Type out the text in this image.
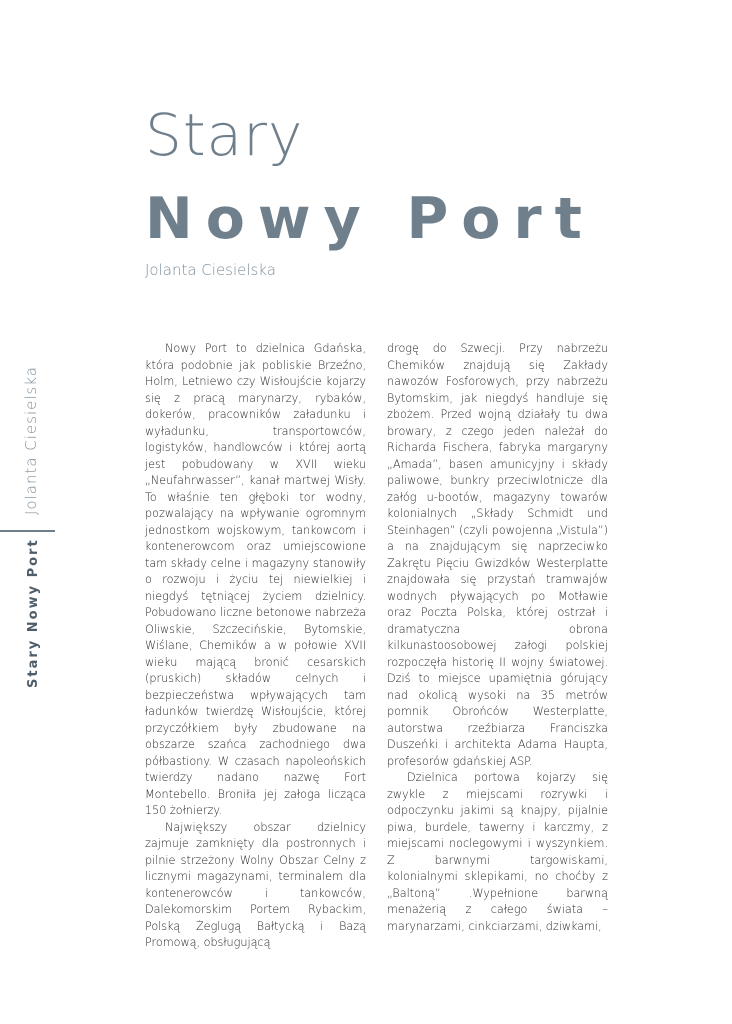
Stary
Nowy Port
Jolanta Ciesielska
Jolanta Ciesielska
Stary Nowy Port

Nowy Port to dzielnica Gdańska, która podobnie jak pobliskie Brzeźno, Holm, Letniewo czy Wisłoujście kojarzy się z pracą marynarzy, rybaków, dokerów, pracowników załadunku i wyładunku, transportowców, logistyków, handlowców i której aortą jest pobudowany w XVII wieku „Neufahrwasser”, kanał martwej Wisły. To właśnie ten głęboki tor wodny, pozwalający na wpływanie ogromnym jednostkom wojskowym, tankowcom i kontenerowcom oraz umiejscowione tam składy celne i magazyny stanowiły o rozwoju i życiu tej niewielkiej i niegdyś tętniącej życiem dzielnicy. Pobudowano liczne betonowe nabrzeża Oliwskie, Szczecińskie, Bytomskie, Wiślane, Chemików a w połowie XVII wieku mającą bronić cesarskich (pruskich) składów celnych i bezpieczeństwa wpływających tam ładunków twierdzę Wisłoujście, której przyczółkiem były zbudowane na obszarze szańca zachodniego dwa półbastiony. W czasach napoleońskich twierdzy nadano nazwę Fort Montebello. Broniła jej załoga licząca 150 żołnierzy.

Największy obszar dzielnicy zajmuje zamknięty dla postronnych i pilnie strzeżony Wolny Obszar Celny z licznymi magazynami, terminalem dla kontenerowców i tankowców, Dalekomorskim Portem Rybackim, Polską Żeglugą Bałtycką i Bazą Promową, obsługującą

drogę do Szwecji. Przy nabrzeżu Chemików znajdują się Zakłady nawozów Fosforowych, przy nabrzeżu Bytomskim, jak niegdyś handluje się zbożem. Przed wojną działały tu dwa browary, z czego jeden należał do Richarda Fischera, fabryka margaryny „Amada”, basen amunicyjny i składy paliwowe, bunkry przeciwlotnicze dla załóg u-bootów, magazyny towarów kolonialnych „Składy Schmidt und Steinhagen” (czyli powojenna „Vistula”) a na znajdującym się naprzeciwko Zakrętu Pięciu Gwizdków Westerplatte znajdowała się przystań tramwajów wodnych pływających po Motławie oraz Poczta Polska, której ostrzał i dramatyczna obrona kilkunastoosobowej załogi polskiej rozpoczęła historię II wojny światowej. Dziś to miejsce upamiętnia górujący nad okolicą wysoki na 35 metrów pomnik Obrońców Westerplatte, autorstwa rzeźbiarza Franciszka Duszeńki i architekta Adama Haupta, profesorów gdańskiej ASP.

Dzielnica portowa kojarzy się zwykle z miejscami rozrywki i odpoczynku jakimi są knajpy, pijalnie piwa, burdele, tawerny i karczmy, z miejscami noclegowymi i wyszynkiem. Z barwnymi targowiskami, kolonialnymi sklepikami, no choćby z „Baltoną” .Wypełnione barwną menażerią z całego świata – marynarzami, cinkciarzami, dziwkami,
